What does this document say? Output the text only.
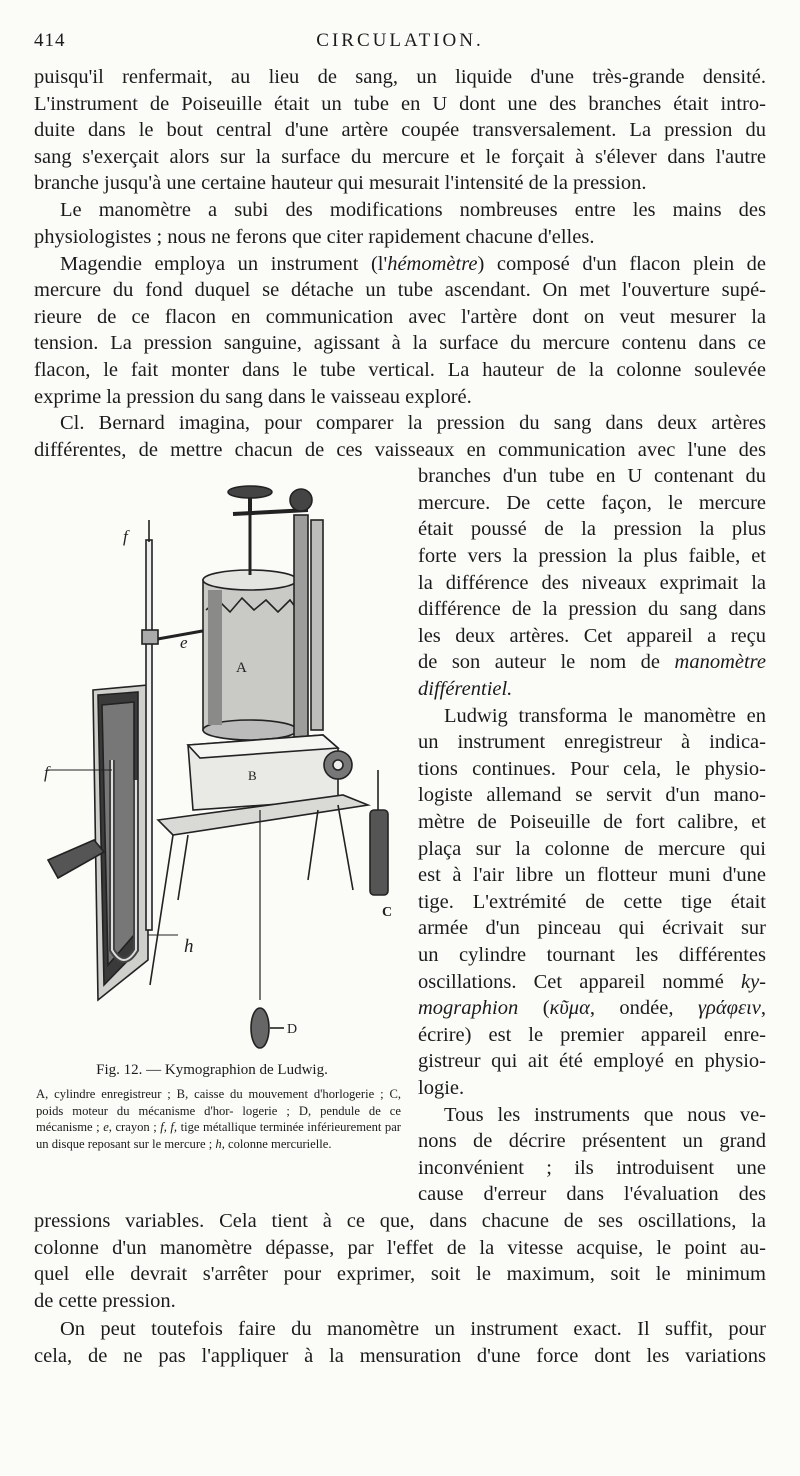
414	CIRCULATION.
puisqu'il renfermait, au lieu de sang, un liquide d'une très-grande densité.
L'instrument de Poiseuille était un tube en U dont une des branches était intro-
duite dans le bout central d'une artère coupée transversalement. La pression du
sang s'exerçait alors sur la surface du mercure et le forçait à s'élever dans l'autre
branche jusqu'à une certaine hauteur qui mesurait l'intensité de la pression.
Le manomètre a subi des modifications nombreuses entre les mains des
physiologistes ; nous ne ferons que citer rapidement chacune d'elles.
Magendie employa un instrument (l'hémomètre) composé d'un flacon plein de
mercure du fond duquel se détache un tube ascendant. On met l'ouverture supé-
rieure de ce flacon en communication avec l'artère dont on veut mesurer la
tension. La pression sanguine, agissant à la surface du mercure contenu dans ce
flacon, le fait monter dans le tube vertical. La hauteur de la colonne soulevée
exprime la pression du sang dans le vaisseau exploré.
Cl. Bernard imagina, pour comparer la pression du sang dans deux artères
différentes, de mettre chacun de ces vaisseaux en communication avec l'une des
branches d'un tube en U contenant du
mercure. De cette façon, le mercure
était poussé de la pression la plus
forte vers la pression la plus faible, et
la différence des niveaux exprimait la
différence de la pression du sang dans
les deux artères. Cet appareil a reçu
de son auteur le nom de manomètre
différentiel.
Ludwig transforma le manomètre en
un instrument enregistreur à indica-
tions continues. Pour cela, le physio-
logiste allemand se servit d'un mano-
mètre de Poiseuille de fort calibre, et
plaça sur la colonne de mercure qui
est à l'air libre un flotteur muni d'une
tige. L'extrémité de cette tige était
armée d'un pinceau qui écrivait sur
un cylindre tournant les différentes
oscillations. Cet appareil nommé ky-
mographion (κῦμα, ondée, γράφειν,
écrire) est le premier appareil enre-
gistreur qui ait été employé en physio-
logie.
Tous les instruments que nous ve-
nons de décrire présentent un grand
inconvénient ; ils introduisent une
cause d'erreur dans l'évaluation des
pressions variables. Cela tient à ce que, dans chacune de ses oscillations, la
colonne d'un manomètre dépasse, par l'effet de la vitesse acquise, le point au-
quel elle devrait s'arrêter pour exprimer, soit le maximum, soit le minimum
de cette pression.
On peut toutefois faire du manomètre un instrument exact. Il suffit, pour
cela, de ne pas l'appliquer à la mensuration d'une force dont les variations
A
B
C
D
e
f
f
h
Fig. 12. — Kymographion de Ludwig.
A, cylindre enregistreur ; B, caisse du mouvement d'horlogerie ; C, poids moteur du mécanisme d'hor- logerie ; D, pendule de ce mécanisme ; e, crayon ; f, f, tige métallique terminée inférieurement par un disque reposant sur le mercure ; h, colonne mercurielle.
